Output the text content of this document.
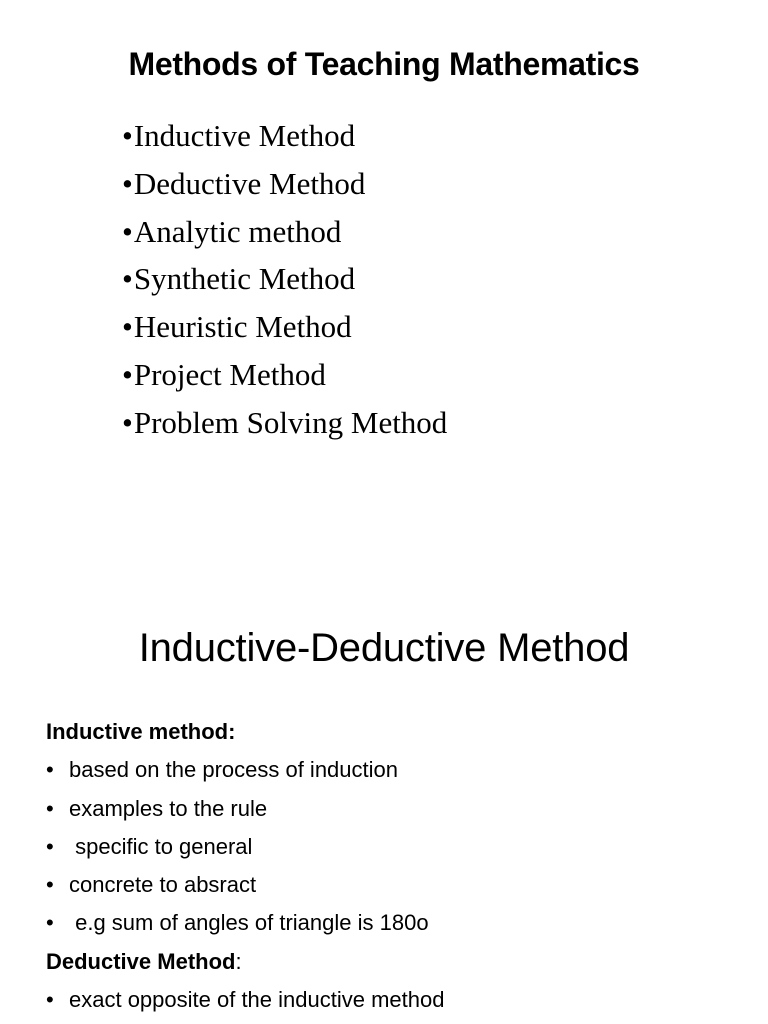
Methods of Teaching Mathematics
•Inductive Method
•Deductive Method
•Analytic method
•Synthetic Method
•Heuristic Method
•Project Method
•Problem Solving Method
Inductive-Deductive Method
Inductive method:
• based on the process of induction
• examples to the rule
• specific to general
• concrete to absract
• e.g sum of angles of triangle is 180o
Deductive Method:
• exact opposite of the inductive method
